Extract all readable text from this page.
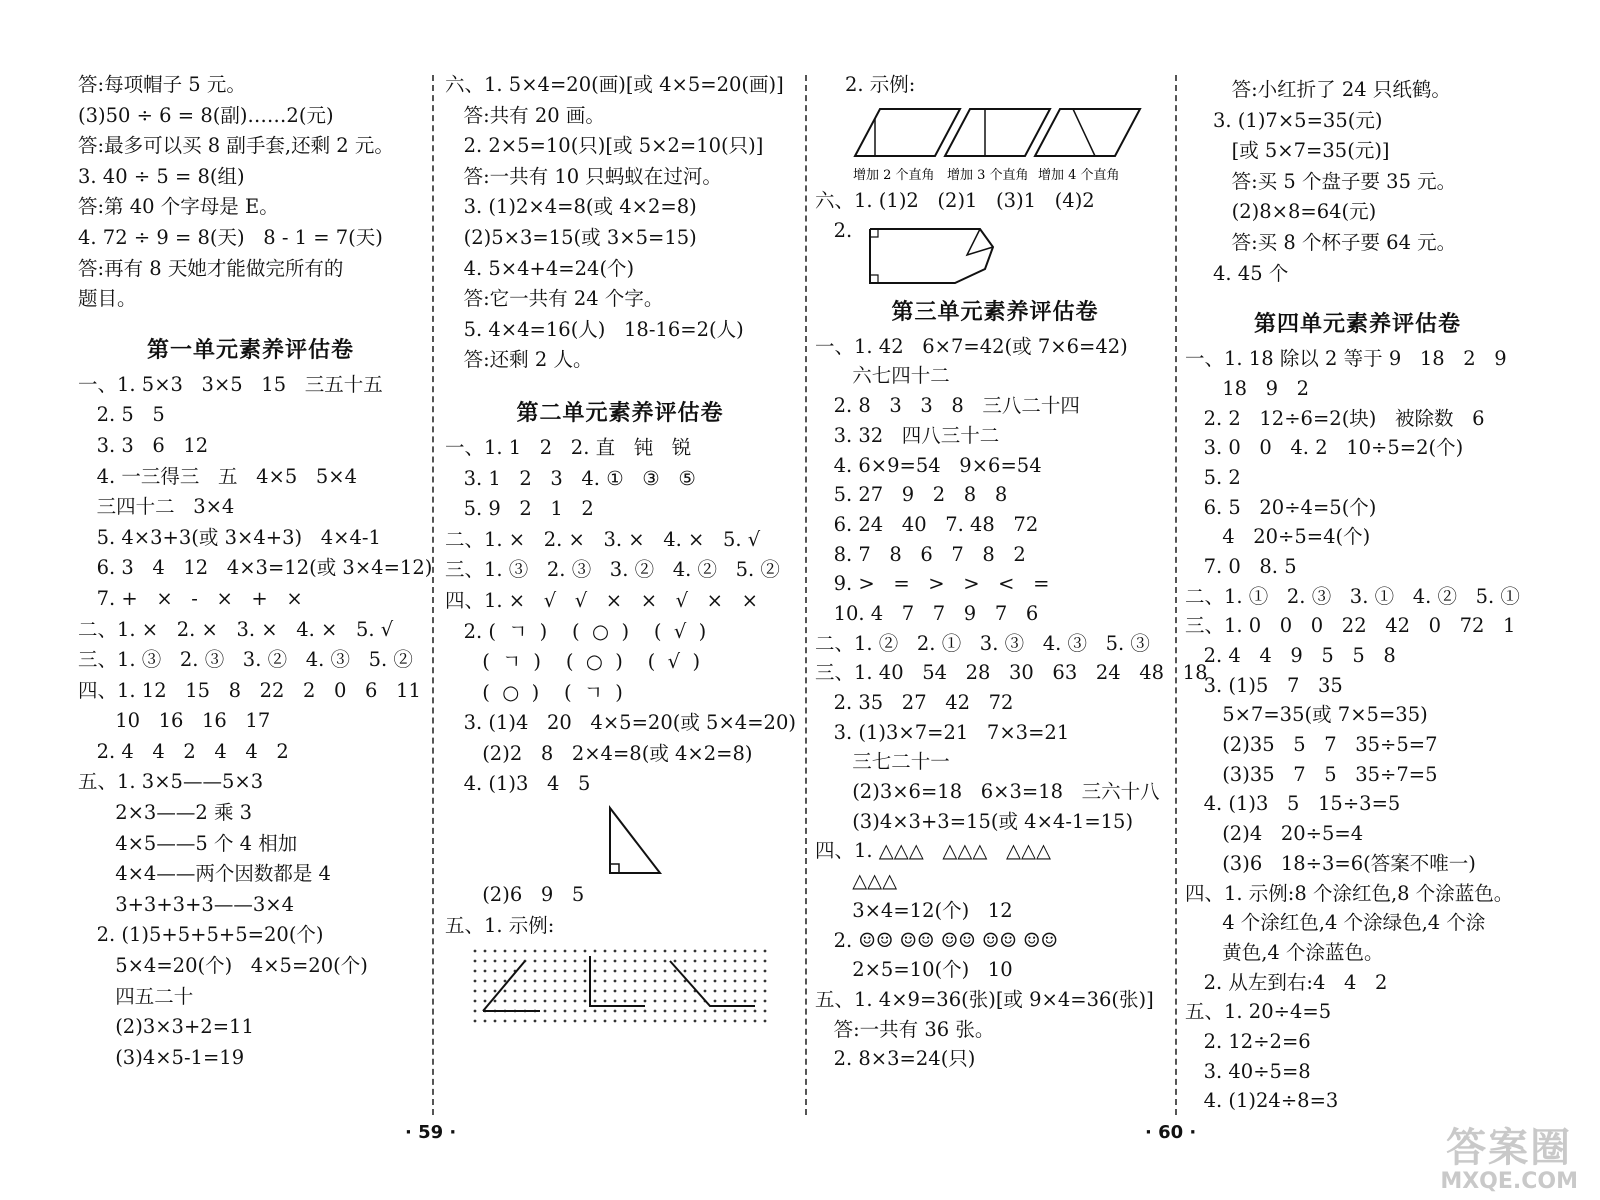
答:每项帽子 5 元。
(3)50 ÷ 6 = 8(副)……2(元)
答:最多可以买 8 副手套,还剩 2 元。
3. 40 ÷ 5 = 8(组)
答:第 40 个字母是 E。
4. 72 ÷ 9 = 8(天)   8 - 1 = 7(天)
答:再有 8 天她才能做完所有的
题目。
第一单元素养评估卷
一、1. 5×3   3×5   15   三五十五
2. 5   5
3. 3   6   12
4. 一三得三   五   4×5   5×4
三四十二   3×4
5. 4×3+3(或 3×4+3)   4×4-1
6. 3   4   12   4×3=12(或 3×4=12)
7. +   ×   -   ×   +   ×
二、1. ×   2. ×   3. ×   4. ×   5. √
三、1. ③   2. ③   3. ②   4. ③   5. ②
四、1. 12   15   8   22   2   0   6   11
10   16   16   17
2. 4   4   2   4   4   2
五、1. 3×5——5×3
2×3——2 乘 3
4×5——5 个 4 相加
4×4——两个因数都是 4
3+3+3+3——3×4
2. (1)5+5+5+5=20(个)
5×4=20(个)   4×5=20(个)
四五二十
(2)3×3+2=11
(3)4×5-1=19
六、1. 5×4=20(画)[或 4×5=20(画)]
答:共有 20 画。
2. 2×5=10(只)[或 5×2=10(只)]
答:一共有 10 只蚂蚁在过河。
3. (1)2×4=8(或 4×2=8)
(2)5×3=15(或 3×5=15)
4. 5×4+4=24(个)
答:它一共有 24 个字。
5. 4×4=16(人)   18-16=2(人)
答:还剩 2 人。
第二单元素养评估卷
一、1. 1   2   2. 直   钝   锐
3. 1   2   3   4. ①   ③   ⑤
5. 9   2   1   2
二、1. ×   2. ×   3. ×   4. ×   5. √
三、1. ③   2. ③   3. ②   4. ②   5. ②
四、1. ×   √   √   ×   ×   √   ×   ×
2. (  ㄱ  )    (  ○  )    (  √  )
(  ㄱ  )    (  ○  )    (  √  )
(  ○  )    (  ㄱ  )
3. (1)4   20   4×5=20(或 5×4=20)
(2)2   8   2×4=8(或 4×2=8)
4. (1)3   4   5
(2)6   9   5
五、1. 示例:
· 59 ·
2. 示例:
增加 2 个直角 增加 3 个直角 增加 4 个直角
六、1. (1)2   (2)1   (3)1   (4)2
2.
第三单元素养评估卷
一、1. 42   6×7=42(或 7×6=42)
六七四十二
2. 8   3   3   8   三八二十四
3. 32   四八三十二
4. 6×9=54   9×6=54
5. 27   9   2   8   8
6. 24   40   7. 48   72
8. 7   8   6   7   8   2
9. >   =   >   >   <   =
10. 4   7   7   9   7   6
二、1. ②   2. ①   3. ③   4. ③   5. ③
三、1. 40   54   28   30   63   24   48   18
2. 35   27   42   72
3. (1)3×7=21   7×3=21
三七二十一
(2)3×6=18   6×3=18   三六十八
(3)4×3+3=15(或 4×4-1=15)
四、1. △△△   △△△   △△△
△△△
3×4=12(个)   12
2. ☺☺ ☺☺ ☺☺ ☺☺ ☺☺
2×5=10(个)   10
五、1. 4×9=36(张)[或 9×4=36(张)]
答:一共有 36 张。
2. 8×3=24(只)
答:小红折了 24 只纸鹤。
3. (1)7×5=35(元)
[或 5×7=35(元)]
答:买 5 个盘子要 35 元。
(2)8×8=64(元)
答:买 8 个杯子要 64 元。
4. 45 个
第四单元素养评估卷
一、1. 18 除以 2 等于 9   18   2   9
18   9   2
2. 2   12÷6=2(块)   被除数   6
3. 0   0   4. 2   10÷5=2(个)
5. 2
6. 5   20÷4=5(个)
4   20÷5=4(个)
7. 0   8. 5
二、1. ①   2. ③   3. ①   4. ②   5. ①
三、1. 0   0   0   22   42   0   72   1
2. 4   4   9   5   5   8
3. (1)5   7   35
5×7=35(或 7×5=35)
(2)35   5   7   35÷5=7
(3)35   7   5   35÷7=5
4. (1)3   5   15÷3=5
(2)4   20÷5=4
(3)6   18÷3=6(答案不唯一)
四、1. 示例:8 个涂红色,8 个涂蓝色。
4 个涂红色,4 个涂绿色,4 个涂
黄色,4 个涂蓝色。
2. 从左到右:4   4   2
五、1. 20÷4=5
2. 12÷2=6
3. 40÷5=8
4. (1)24÷8=3
· 60 ·	答案圈
MXQE.COM
